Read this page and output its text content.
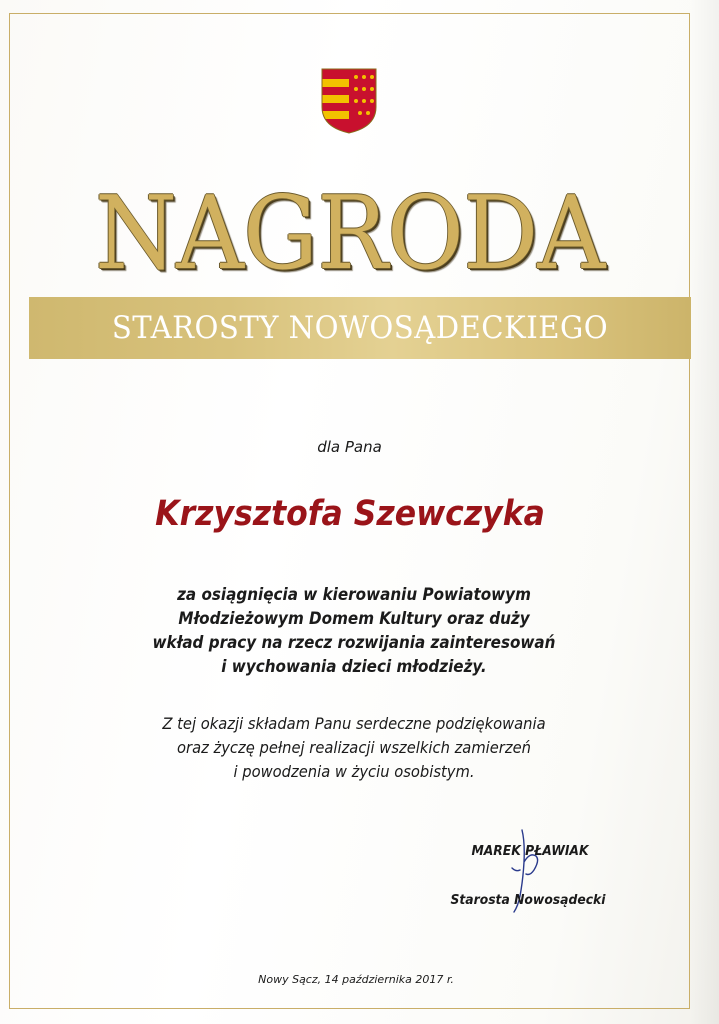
NAGRODA
STAROSTY NOWOSĄDECKIEGO
dla Pana
Krzysztofa Szewczyka
za osiągnięcia w kierowaniu Powiatowym
Młodzieżowym Domem Kultury oraz duży
wkład pracy na rzecz rozwijania zainteresowań
i wychowania dzieci młodzieży.
Z tej okazji składam Panu serdeczne podziękowania
oraz życzę pełnej realizacji wszelkich zamierzeń
i powodzenia w życiu osobistym.
MAREK PŁAWIAK
Starosta Nowosądecki
Nowy Sącz, 14 października 2017 r.
